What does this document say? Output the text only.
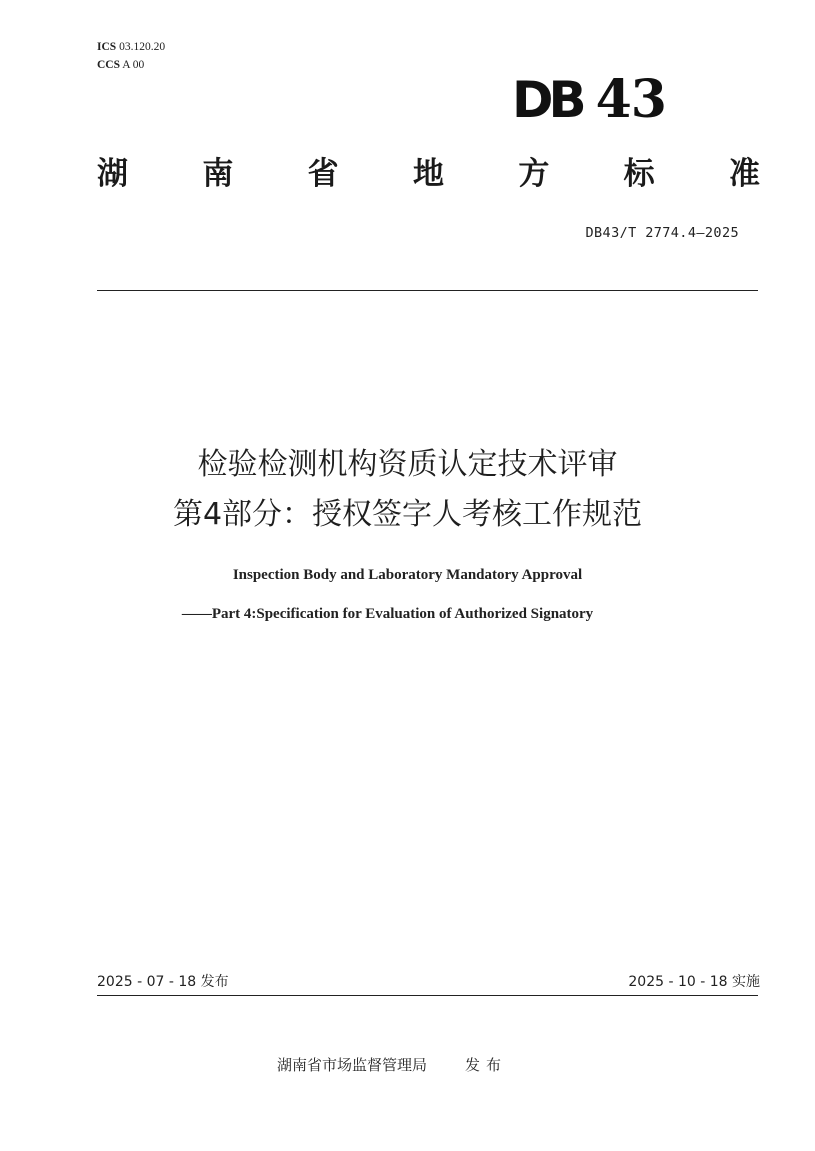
ICS 03.120.20
CCS A 00
DB 43
湖 南 省 地 方 标 准
DB43/T 2774.4—2025
检验检测机构资质认定技术评审
第4部分：授权签字人考核工作规范
Inspection Body and Laboratory Mandatory Approval
——Part 4:Specification for Evaluation of Authorized Signatory
2025 - 07 - 18 发布	2025 - 10 - 18 实施
湖南省市场监督管理局	发布
